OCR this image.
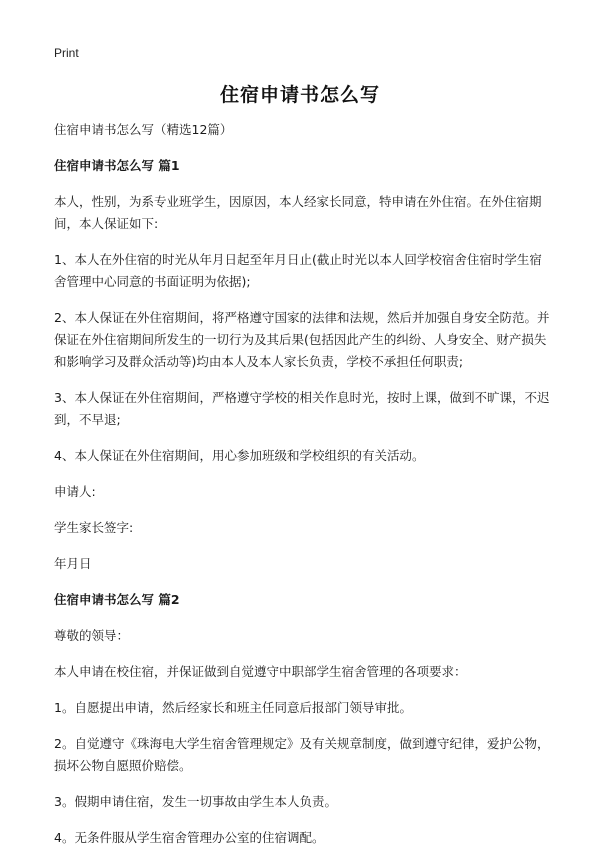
Print
住宿申请书怎么写

住宿申请书怎么写（精选12篇）

住宿申请书怎么写 篇1

本人，性别，为系专业班学生，因原因，本人经家长同意，特申请在外住宿。在外住宿期间，本人保证如下:

1、本人在外住宿的时光从年月日起至年月日止(截止时光以本人回学校宿舍住宿时学生宿舍管理中心同意的书面证明为依据);

2、本人保证在外住宿期间，将严格遵守国家的法律和法规，然后并加强自身安全防范。并保证在外住宿期间所发生的一切行为及其后果(包括因此产生的纠纷、人身安全、财产损失和影响学习及群众活动等)均由本人及本人家长负责，学校不承担任何职责;

3、本人保证在外住宿期间，严格遵守学校的相关作息时光，按时上课，做到不旷课，不迟到，不早退;

4、本人保证在外住宿期间，用心参加班级和学校组织的有关活动。

申请人:

学生家长签字:

年月日

住宿申请书怎么写 篇2

尊敬的领导：

本人申请在校住宿，并保证做到自觉遵守中职部学生宿舍管理的各项要求：

1。自愿提出申请，然后经家长和班主任同意后报部门领导审批。

2。自觉遵守《珠海电大学生宿舍管理规定》及有关规章制度，做到遵守纪律，爱护公物，损坏公物自愿照价赔偿。

3。假期申请住宿，发生一切事故由学生本人负责。

4。无条件服从学生宿舍管理办公室的住宿调配。
